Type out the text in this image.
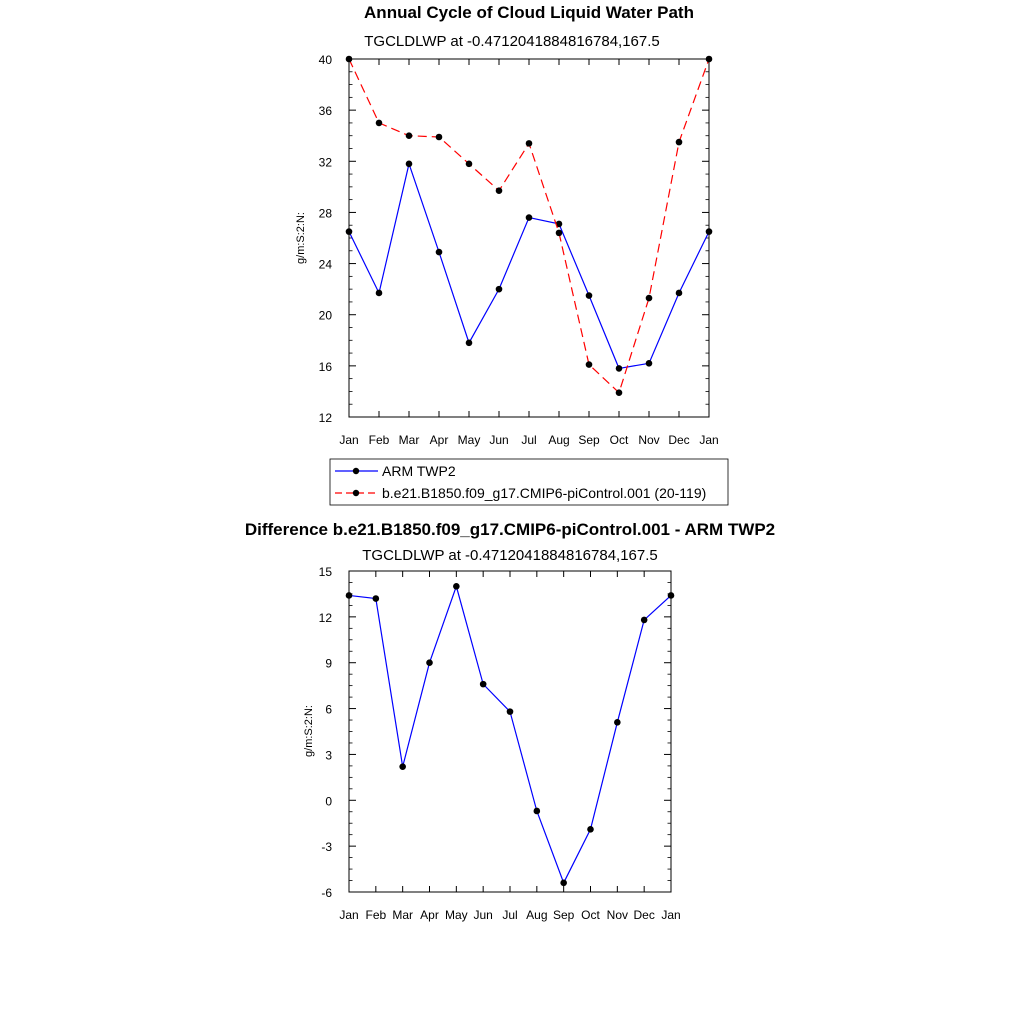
Annual Cycle of Cloud Liquid Water Path
TGCLDLWP at -0.4712041884816784,167.5
Jan Feb Mar Apr May Jun Jul Aug Sep Oct Nov Dec Jan
12
16
20
24
28
32
36
40
g/m:S:2:N:
ARM TWP2
b.e21.B1850.f09_g17.CMIP6-piControl.001 (20-119)
Difference b.e21.B1850.f09_g17.CMIP6-piControl.001 - ARM TWP2
TGCLDLWP at -0.4712041884816784,167.5
Jan Feb Mar Apr May Jun Jul Aug Sep Oct Nov Dec Jan
-6
-3
0
3
6
9
12
15
g/m:S:2:N:
